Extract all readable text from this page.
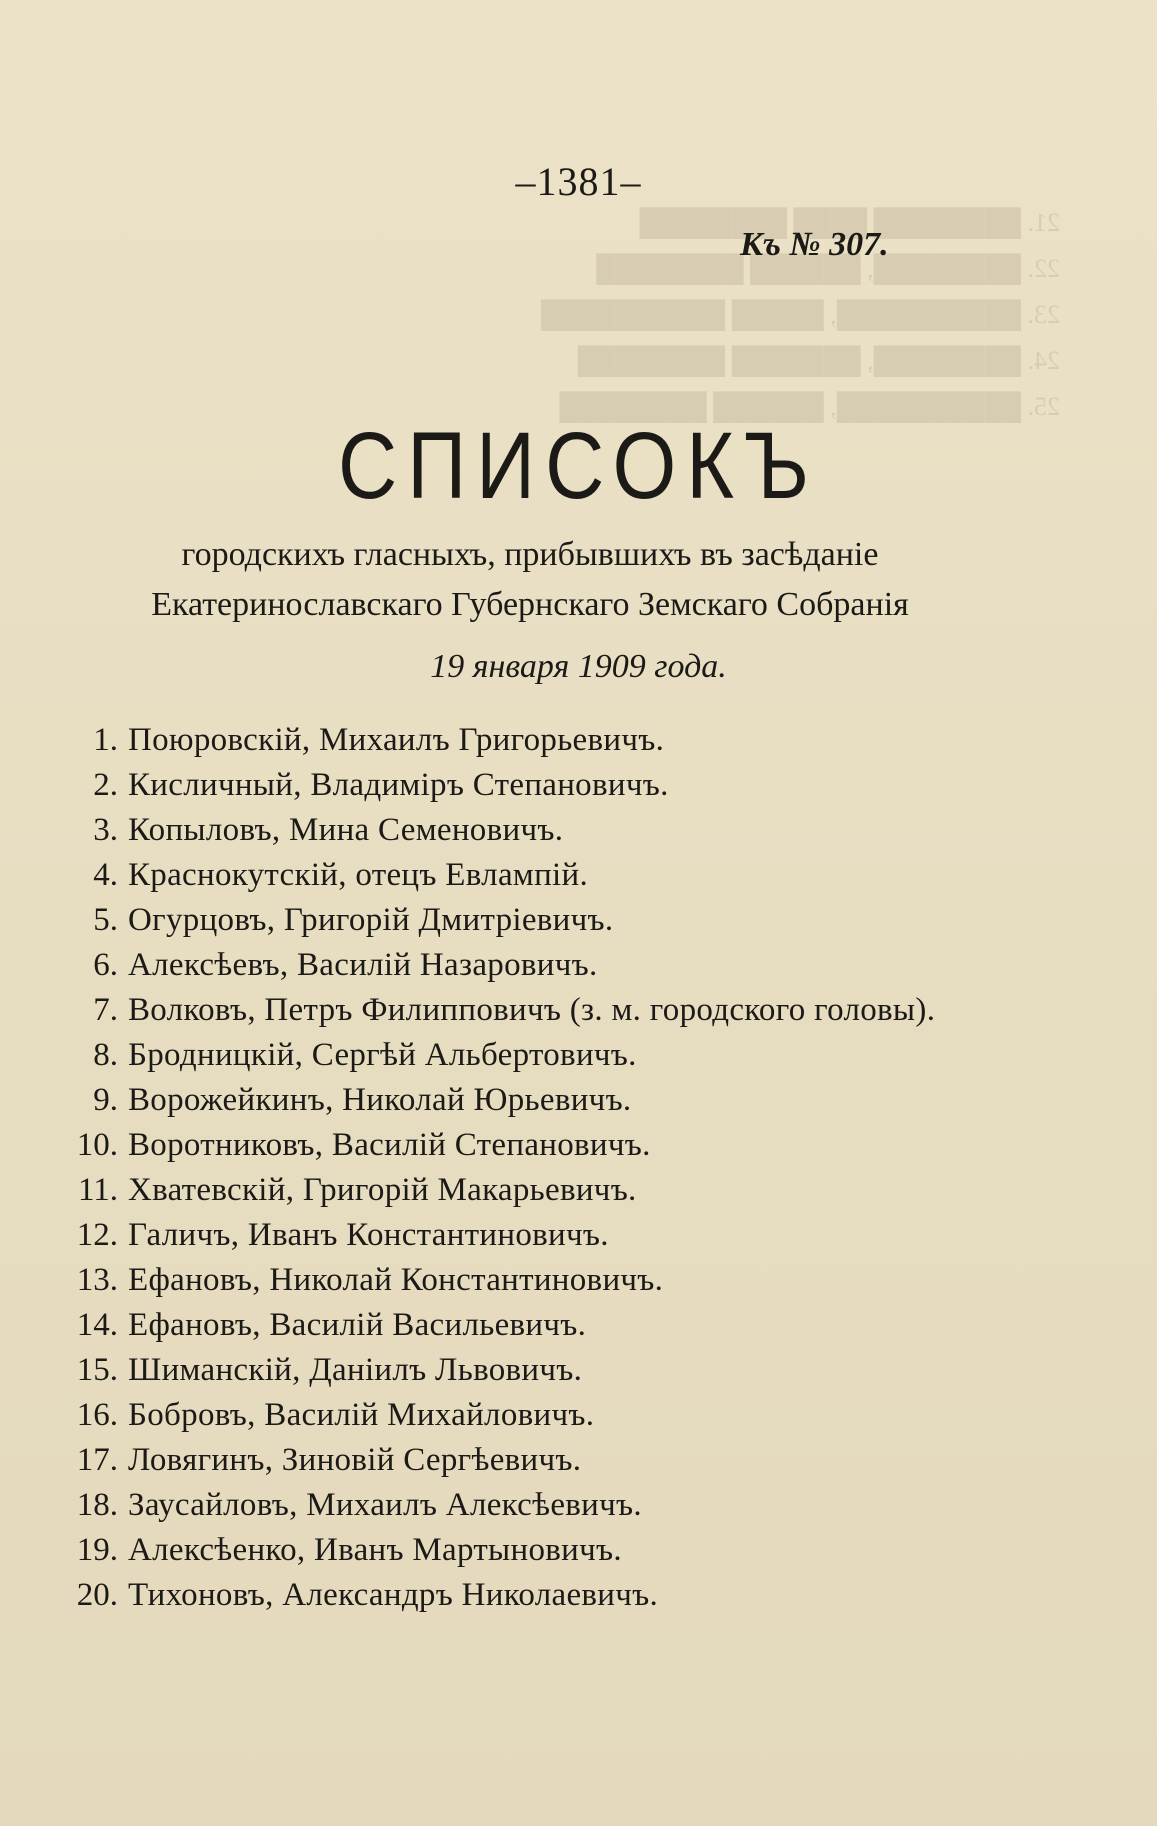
21. ████████ ████ ████████
22. ████████, ██████ ████████
23. ██████████, █████ ██████████
24. ████████, ███████ ████████
25. ██████████, ██████ ████████
–1381–
Къ № 307.
СПИСОКЪ
городскихъ гласныхъ, прибывшихъ въ засѣданіе Екатеринославскаго Губернскаго Земскаго Собранія
19 января 1909 года.
1. Поюровскій, Михаилъ Григорьевичъ.
2. Кисличный, Владиміръ Степановичъ.
3. Копыловъ, Мина Семеновичъ.
4. Краснокутскій, отецъ Евлампій.
5. Огурцовъ, Григорій Дмитріевичъ.
6. Алексѣевъ, Василій Назаровичъ.
7. Волковъ, Петръ Филипповичъ (з. м. городского головы).
8. Бродницкій, Сергѣй Альбертовичъ.
9. Ворожейкинъ, Николай Юрьевичъ.
10. Воротниковъ, Василій Степановичъ.
11. Хватевскій, Григорій Макарьевичъ.
12. Галичъ, Иванъ Константиновичъ.
13. Ефановъ, Николай Константиновичъ.
14. Ефановъ, Василій Васильевичъ.
15. Шиманскій, Даніилъ Львовичъ.
16. Бобровъ, Василій Михайловичъ.
17. Ловягинъ, Зиновій Сергѣевичъ.
18. Заусайловъ, Михаилъ Алексѣевичъ.
19. Алексѣенко, Иванъ Мартыновичъ.
20. Тихоновъ, Александръ Николаевичъ.
